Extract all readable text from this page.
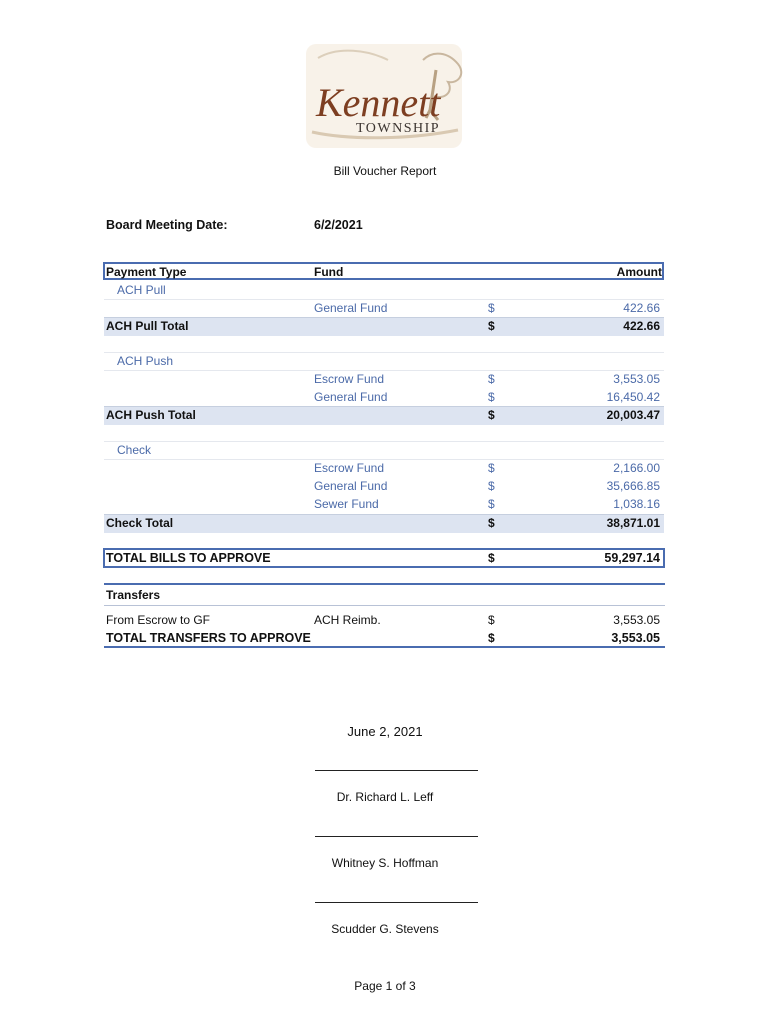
Kennett
TOWNSHIP
Bill Voucher Report
Board Meeting Date:	6/2/2021
Payment Type	Fund	Amount
ACH Pull
General Fund	$	422.66
ACH Pull Total	$	422.66
ACH Push
Escrow Fund	$	3,553.05
General Fund	$	16,450.42
ACH Push Total	$	20,003.47
Check
Escrow Fund	$	2,166.00
General Fund	$	35,666.85
Sewer Fund	$	1,038.16
Check Total	$	38,871.01
TOTAL BILLS TO APPROVE	$	59,297.14
Transfers
From Escrow to GF	ACH Reimb.	$	3,553.05
TOTAL TRANSFERS TO APPROVE	$	3,553.05
June 2, 2021
Dr. Richard L. Leff
Whitney S. Hoffman
Scudder G. Stevens
Page 1 of 3
